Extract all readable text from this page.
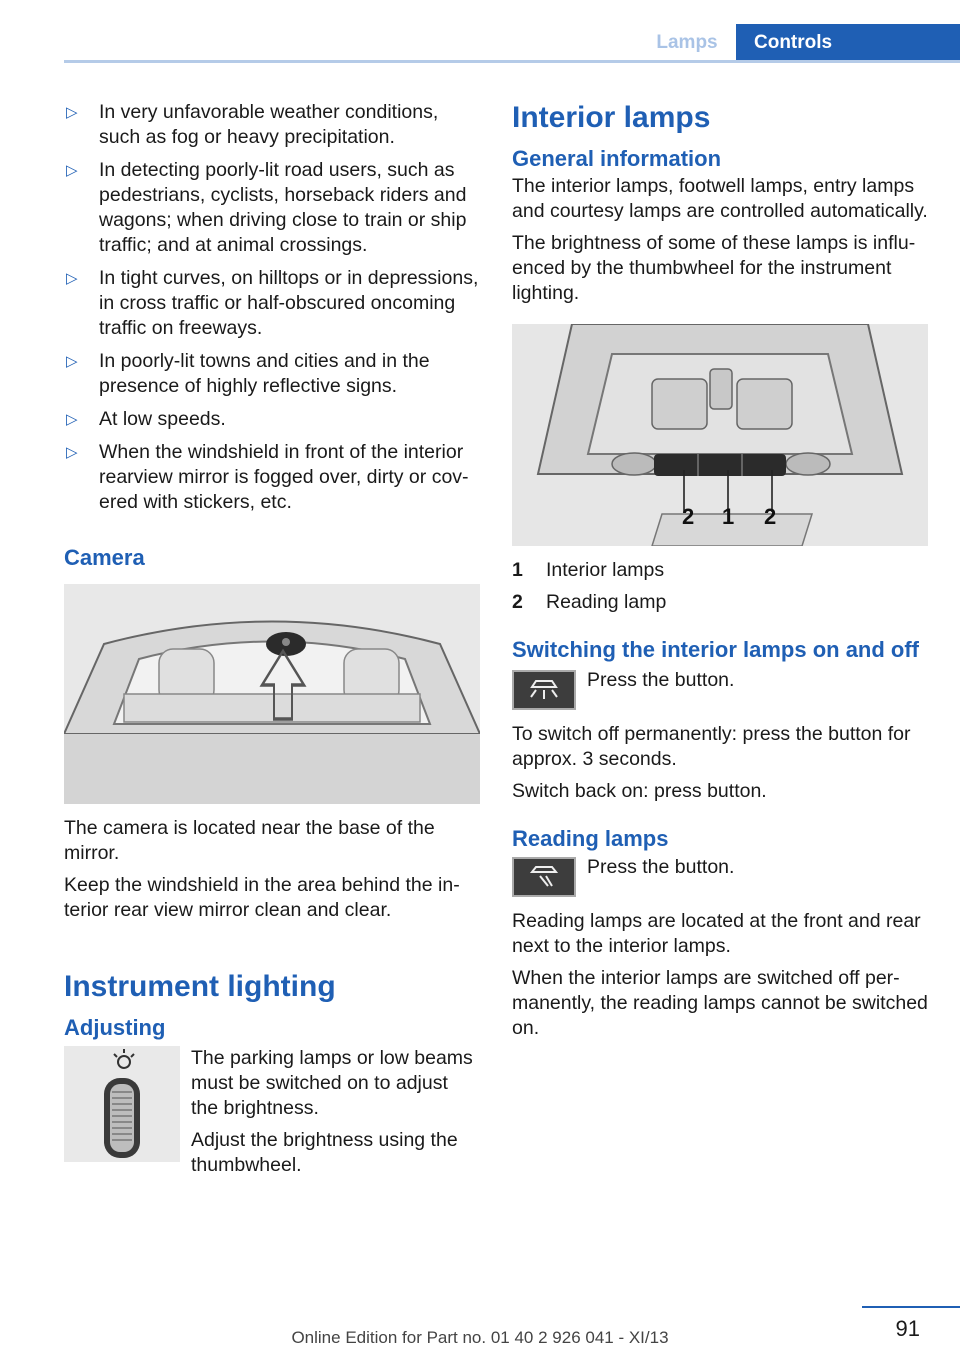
Lamps	Controls
▷ In very unfavorable weather conditions, such as fog or heavy precipitation.
▷ In detecting poorly-lit road users, such as pedestrians, cyclists, horseback riders and wagons; when driving close to train or ship traffic; and at animal crossings.
▷ In tight curves, on hilltops or in depressions, in cross traffic or half-obscured oncoming traffic on freeways.
▷ In poorly-lit towns and cities and in the presence of highly reflective signs.
▷ At low speeds.
▷ When the windshield in front of the interior rearview mirror is fogged over, dirty or covered with stickers, etc.
Camera

The camera is located near the base of the mirror.

Keep the windshield in the area behind the interior rear view mirror clean and clear.

Instrument lighting
Adjusting

The parking lamps or low beams must be switched on to adjust the brightness.

Adjust the brightness using the thumbwheel.

Interior lamps
General information

The interior lamps, footwell lamps, entry lamps and courtesy lamps are controlled automatically.

The brightness of some of these lamps is influenced by the thumbwheel for the instrument lighting.

2 1 2
1	Interior lamps
2	Reading lamp
Switching the interior lamps on and off

Press the button.

To switch off permanently: press the button for approx. 3 seconds.

Switch back on: press button.

Reading lamps

Press the button.

Reading lamps are located at the front and rear next to the interior lamps.

When the interior lamps are switched off permanently, the reading lamps cannot be switched on.

91
Online Edition for Part no. 01 40 2 926 041 - XI/13
